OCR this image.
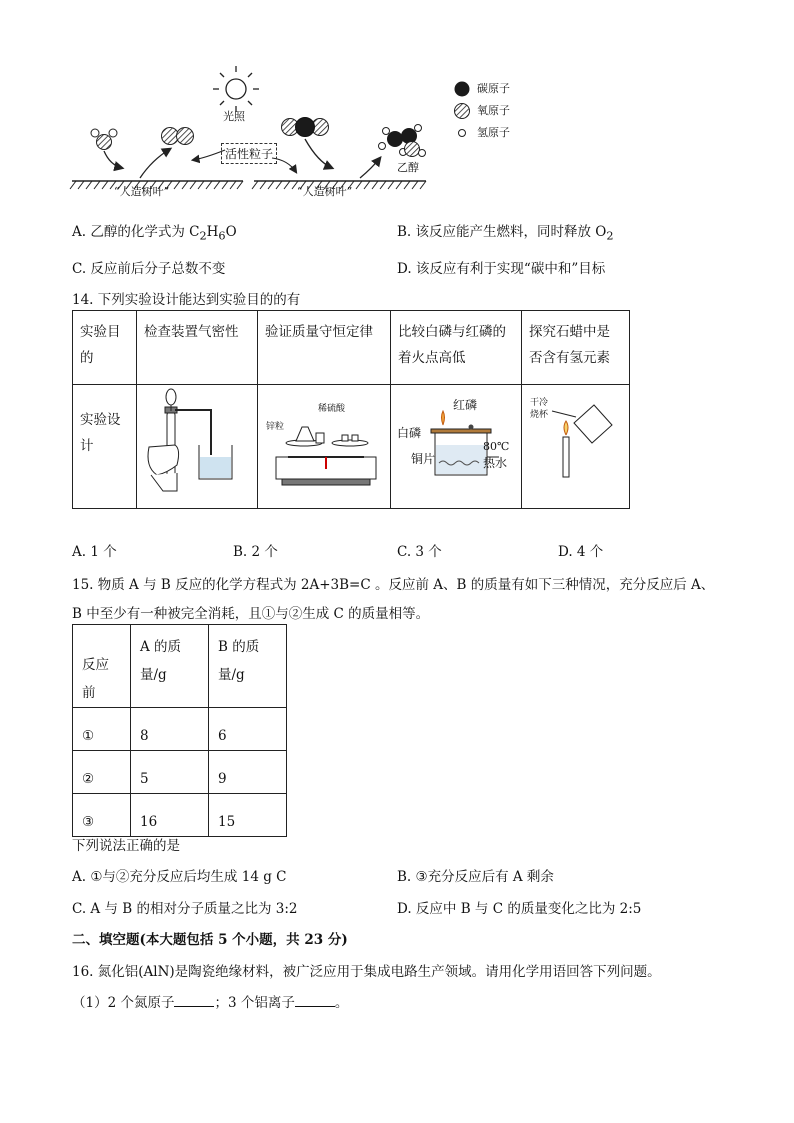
光照
活性粒子
“人造树叶”	“人造树叶”
乙醇
碳原子
氧原子
氢原子
A. 乙醇的化学式为 $C_2H_6O$	B. 该反应能产生燃料，同时释放 $O_2$
C. 反应前后分子总数不变	D. 该反应有利于实现“碳中和”目标
14. 下列实验设计能达到实验目的的有
实验目的	检查装置气密性	验证质量守恒定律	比较白磷与红磷的着火点高低	探究石蜡中是否含有氢元素
实验设计		锌粒
稀硫酸	红磷
白磷
铜片
80℃
热水	干冷
烧杯
A. 1 个	B. 2 个	C. 3 个	D. 4 个
15. 物质 A 与 B 反应的化学方程式为 2A+3B=C 。反应前 A、B 的质量有如下三种情况，充分反应后 A、
B 中至少有一种被完全消耗，且①与②生成 C 的质量相等。
反应前	A 的质量/g	B 的质量/g
①	8	6
②	5	9
③	16	15
下列说法正确的是
A. ①与②充分反应后均生成 14 g C	B. ③充分反应后有 A 剩余
C. A 与 B 的相对分子质量之比为 3:2	D. 反应中 B 与 C 的质量变化之比为 2:5
二、填空题(本大题包括 5 个小题，共 23 分)
16. 氮化铝(AlN)是陶瓷绝缘材料，被广泛应用于集成电路生产领域。请用化学用语回答下列问题。
（1）2 个氮原子	；3 个铝离子	。
